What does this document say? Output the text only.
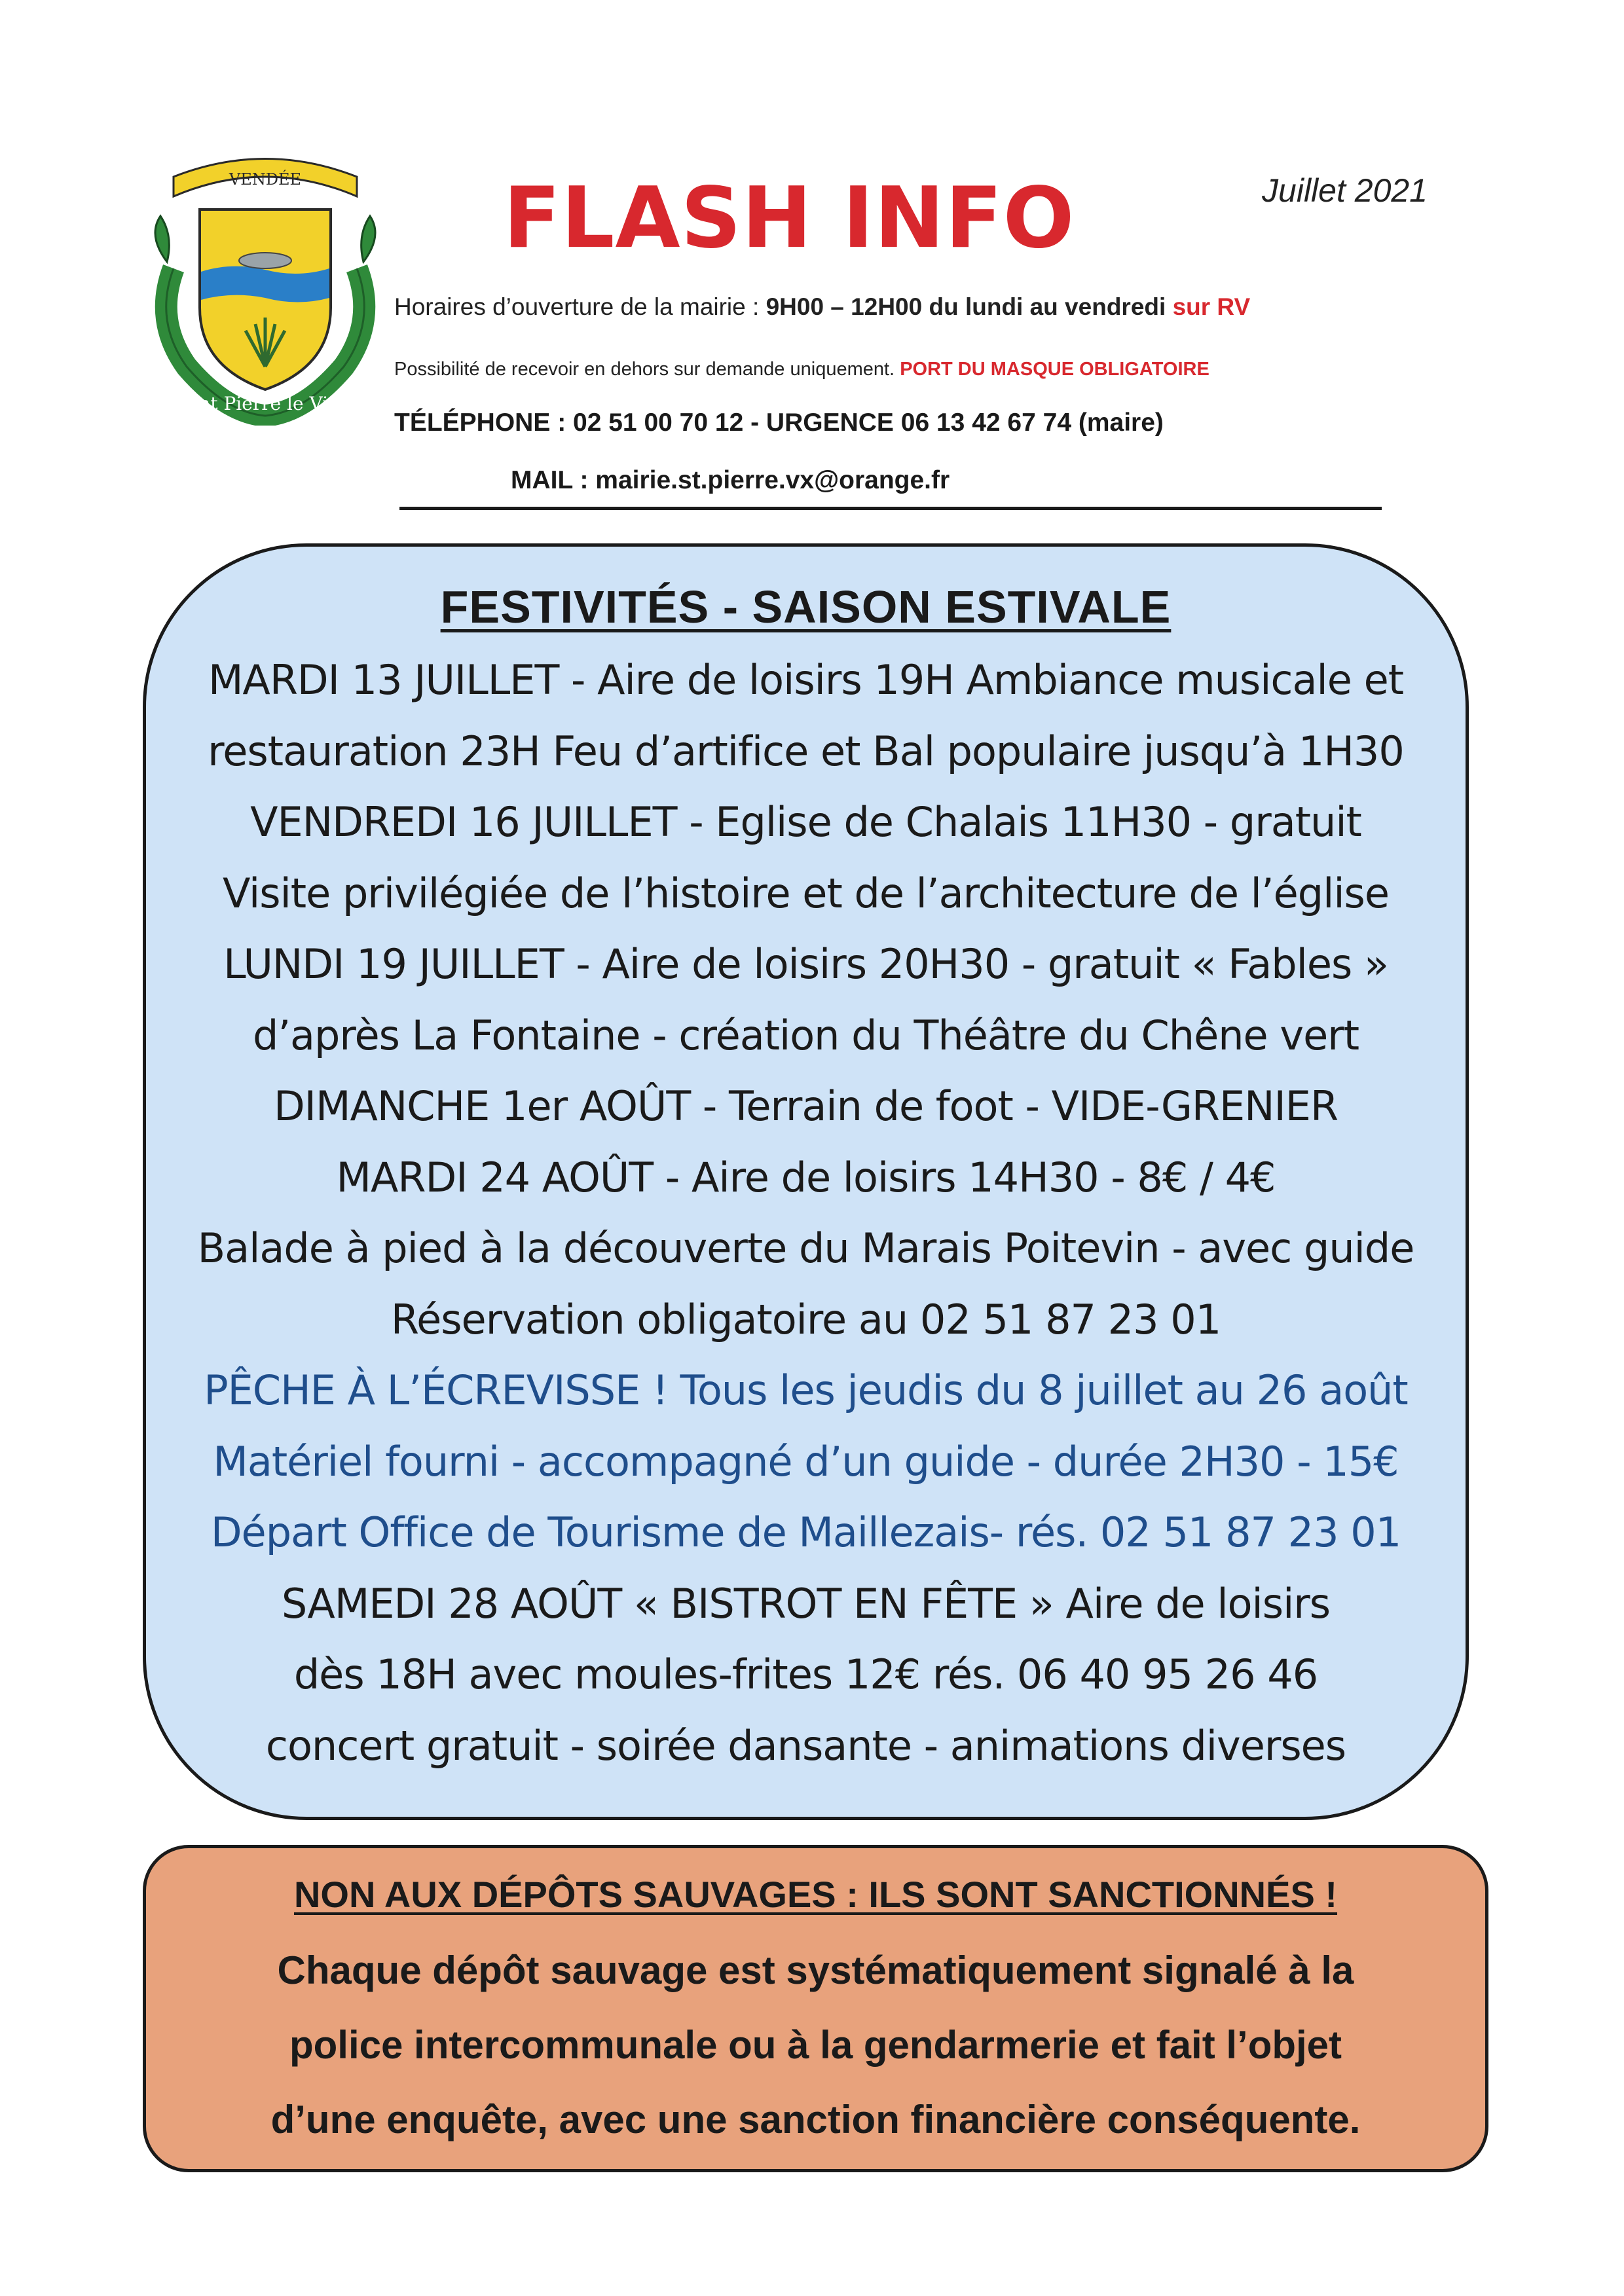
VENDÉE
Saint Pierre le Vieux
FLASH INFO	Juillet 2021
Horaires d’ouverture de la mairie : 9H00 – 12H00 du lundi au vendredi sur RV
Possibilité de recevoir en dehors sur demande uniquement. PORT DU MASQUE OBLIGATOIRE
TÉLÉPHONE : 02 51 00 70 12 - URGENCE 06 13 42 67 74 (maire)
MAIL : mairie.st.pierre.vx@orange.fr
FESTIVITÉS - SAISON ESTIVALE
MARDI 13 JUILLET - Aire de loisirs 19H Ambiance musicale et
restauration 23H Feu d’artifice et Bal populaire jusqu’à 1H30
VENDREDI 16 JUILLET - Eglise de Chalais 11H30 - gratuit
Visite privilégiée de l’histoire et de l’architecture de l’église
LUNDI 19 JUILLET - Aire de loisirs 20H30 - gratuit « Fables »
d’après La Fontaine - création du Théâtre du Chêne vert
DIMANCHE 1er AOÛT - Terrain de foot - VIDE-GRENIER
MARDI 24 AOÛT - Aire de loisirs 14H30 - 8€ / 4€
Balade à pied à la découverte du Marais Poitevin - avec guide
Réservation obligatoire au 02 51 87 23 01
PÊCHE À L’ÉCREVISSE ! Tous les jeudis du 8 juillet au 26 août
Matériel fourni - accompagné d’un guide - durée 2H30 - 15€
Départ Office de Tourisme de Maillezais- rés. 02 51 87 23 01
SAMEDI 28 AOÛT « BISTROT EN FÊTE » Aire de loisirs
dès 18H avec moules-frites 12€ rés. 06 40 95 26 46
concert gratuit - soirée dansante - animations diverses
NON AUX DÉPÔTS SAUVAGES : ILS SONT SANCTIONNÉS !
Chaque dépôt sauvage est systématiquement signalé à la
police intercommunale ou à la gendarmerie et fait l’objet
d’une enquête, avec une sanction financière conséquente.
